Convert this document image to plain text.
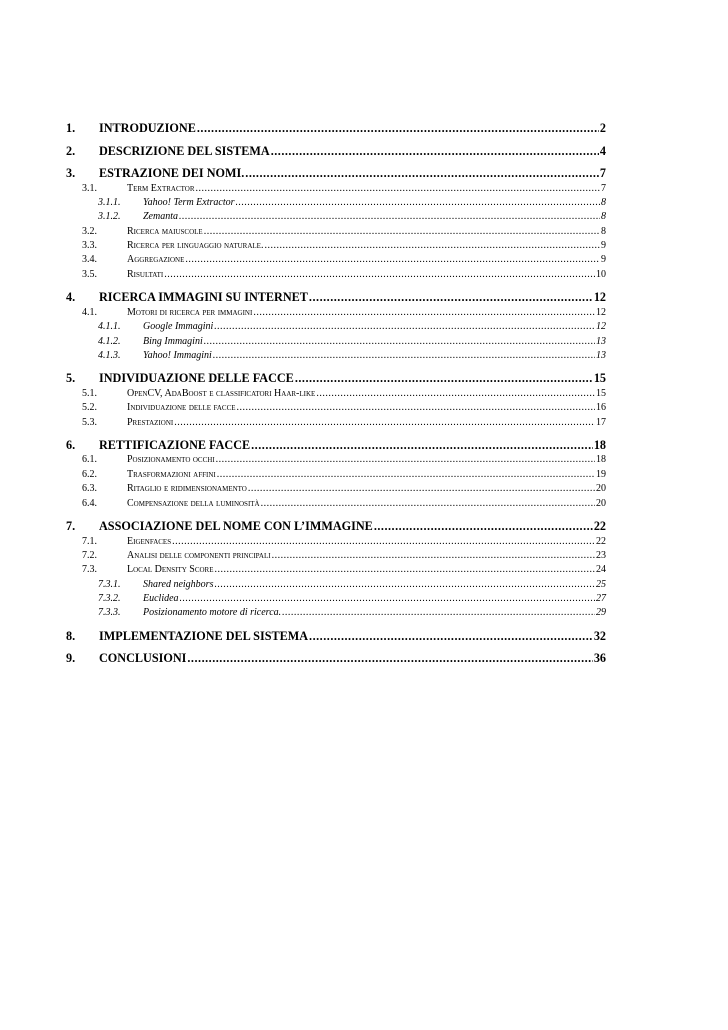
1.	INTRODUZIONE .....	2
2.	DESCRIZIONE DEL SISTEMA .....	4
3.	ESTRAZIONE DEI NOMI. .....	7
3.1.	Term Extractor .....	7
3.1.1.	Yahoo! Term Extractor .....	8
3.1.2.	Zemanta .....	8
3.2.	Ricerca maiuscole .....	8
3.3.	Ricerca per linguaggio naturale. .....	9
3.4.	Aggregazione .....	9
3.5.	Risultati .....	10
4.	RICERCA IMMAGINI SU INTERNET .....	12
4.1.	Motori di ricerca per immagini .....	12
4.1.1.	Google Immagini .....	12
4.1.2.	Bing Immagini .....	13
4.1.3.	Yahoo! Immagini .....	13
5.	INDIVIDUAZIONE DELLE FACCE .....	15
5.1.	OpenCV, AdaBoost e classificatori Haar-like .....	15
5.2.	Individuazione delle facce .....	16
5.3.	Prestazioni .....	17
6.	RETTIFICAZIONE FACCE .....	18
6.1.	Posizionamento occhi .....	18
6.2.	Trasformazioni affini .....	19
6.3.	Ritaglio e ridimensionamento .....	20
6.4.	Compensazione della luminosità .....	20
7.	ASSOCIAZIONE DEL NOME CON L’IMMAGINE .....	22
7.1.	Eigenfaces .....	22
7.2.	Analisi delle componenti principali .....	23
7.3.	Local Density Score .....	24
7.3.1.	Shared neighbors .....	25
7.3.2.	Euclidea .....	27
7.3.3.	Posizionamento motore di ricerca. .....	29
8.	IMPLEMENTAZIONE DEL SISTEMA .....	32
9.	CONCLUSIONI .....	36
